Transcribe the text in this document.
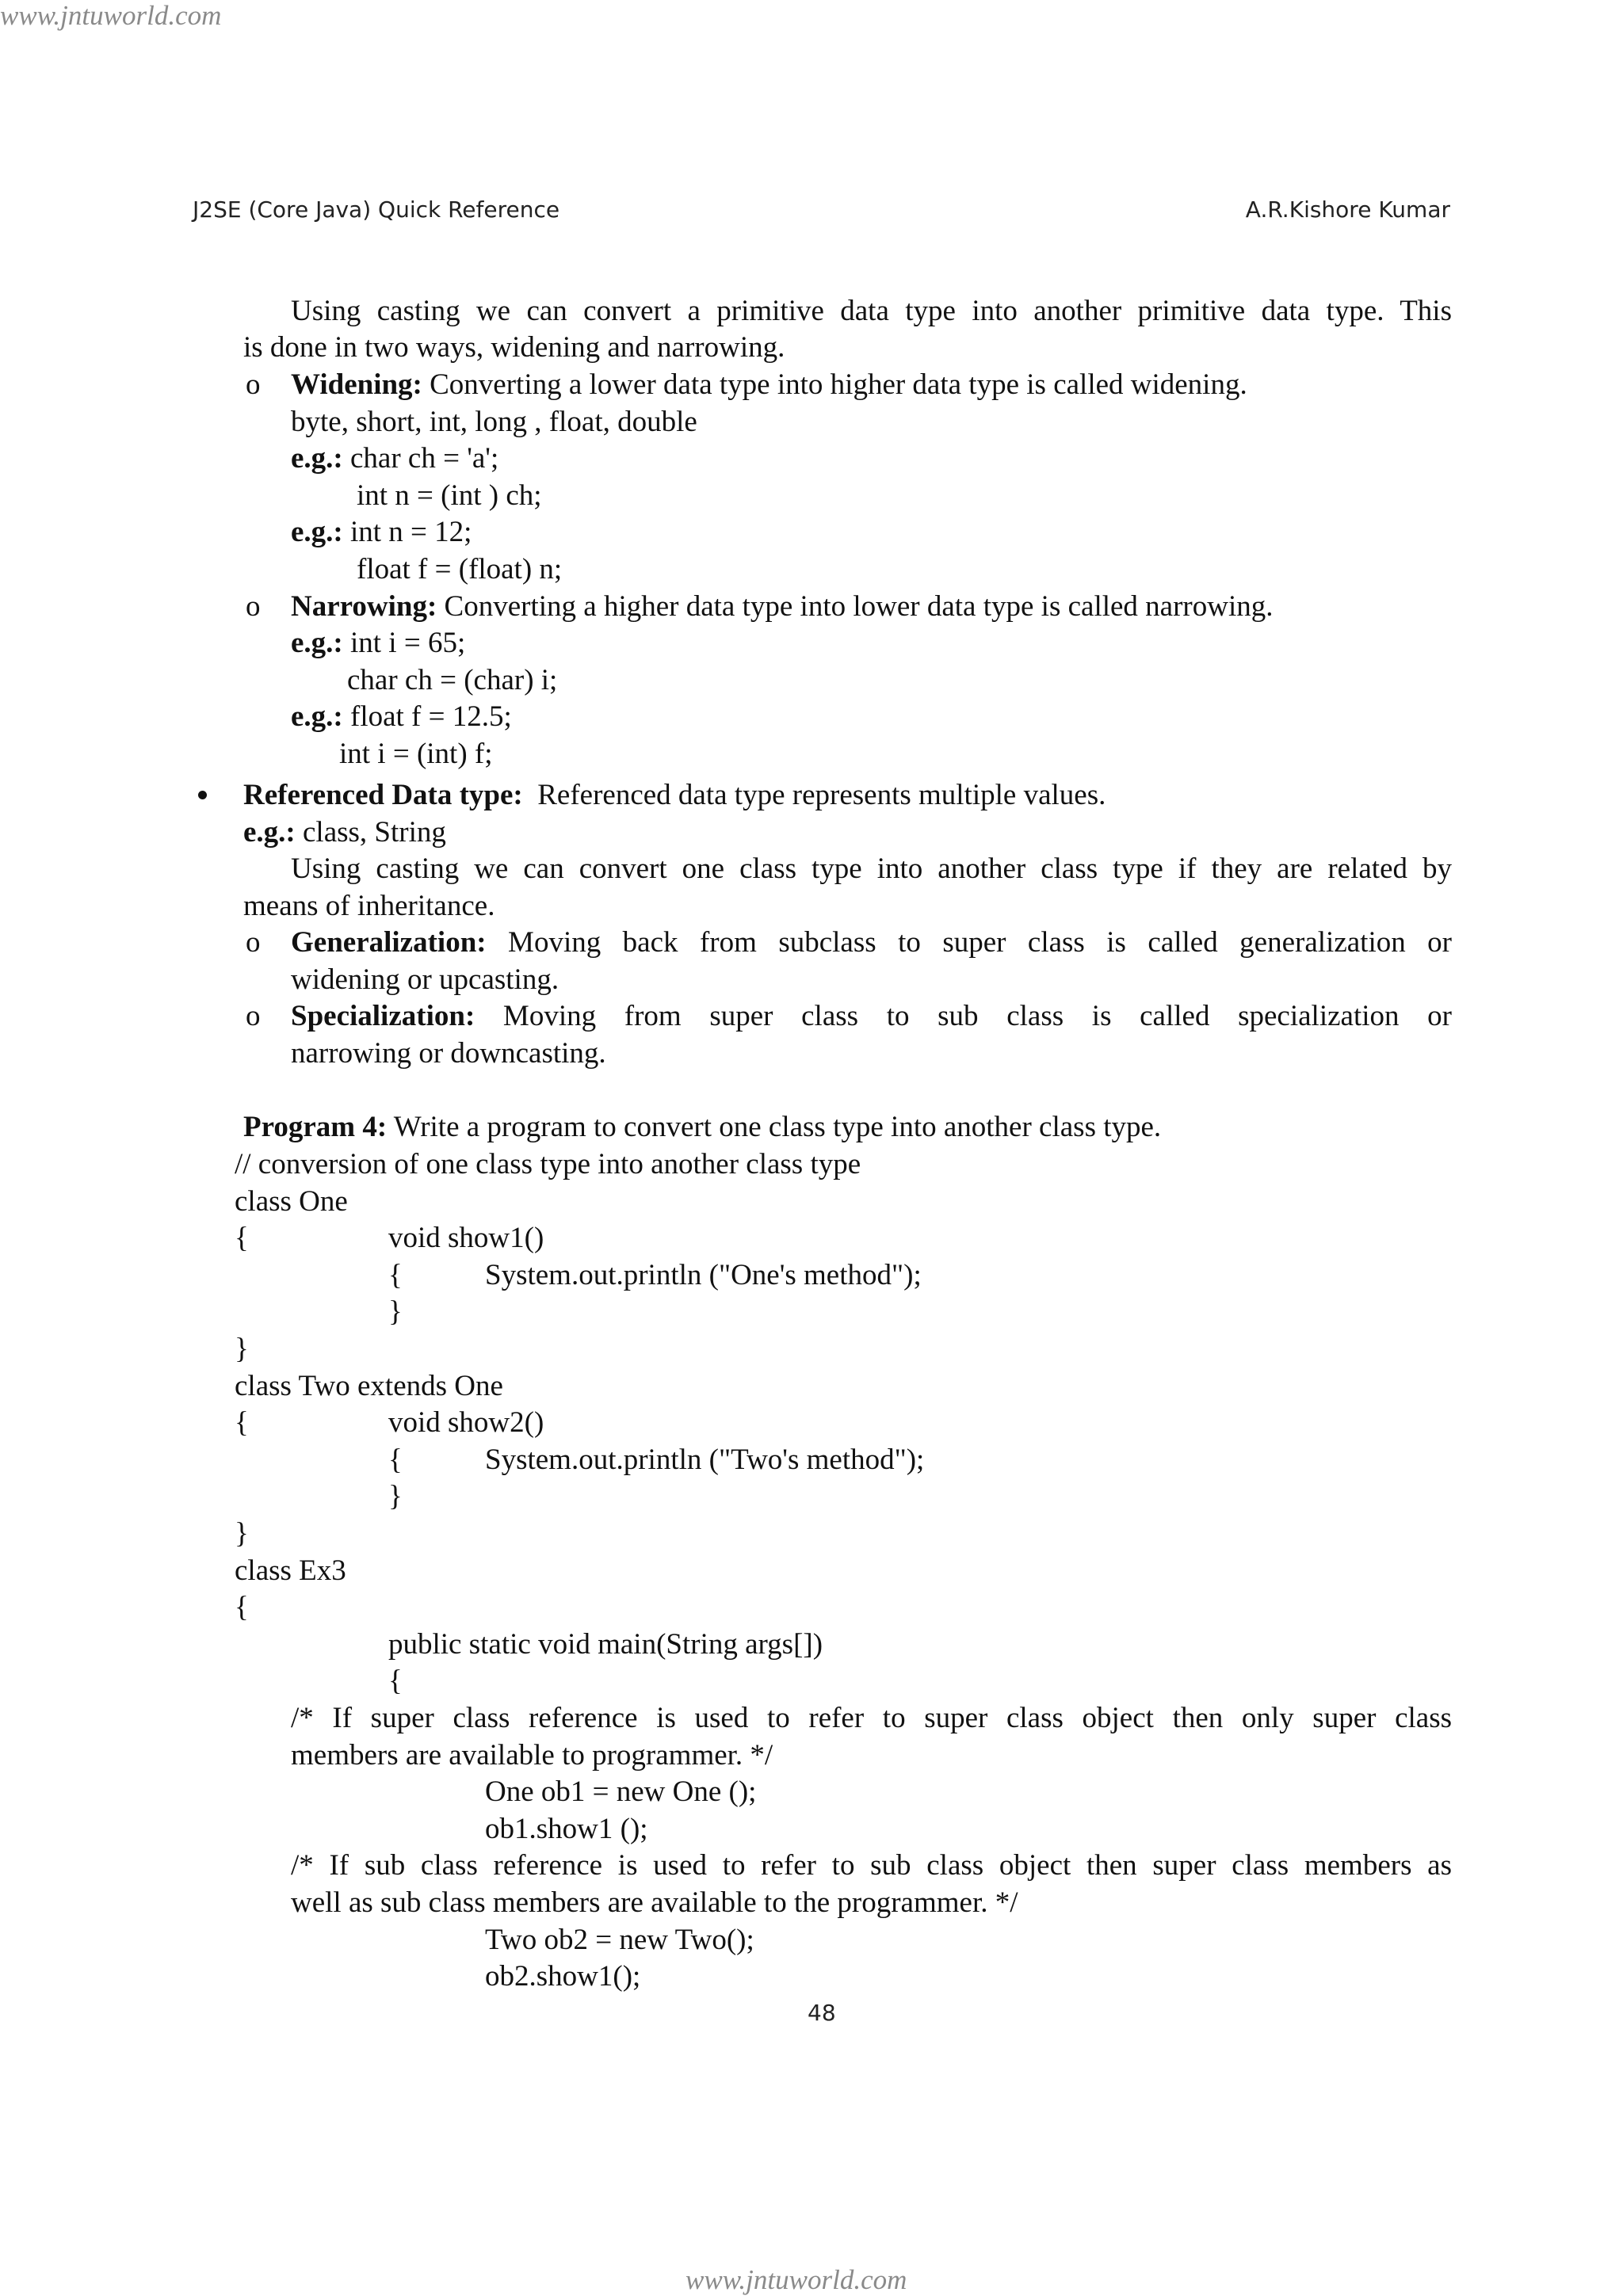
www.jntuworld.com
www.jntuworld.com
J2SE (Core Java) Quick Reference	A.R.Kishore Kumar
Using casting we can convert a primitive data type into another primitive data type. This
is done in two ways, widening and narrowing.
o Widening: Converting a lower data type into higher data type is called widening.
byte, short, int, long , float, double
e.g.: char ch = 'a';
int n = (int ) ch;
e.g.: int n = 12;
float f = (float) n;
o Narrowing: Converting a higher data type into lower data type is called narrowing.
e.g.: int i = 65;
char ch = (char) i;
e.g.: float f = 12.5;
int i = (int) f;
Referenced Data type:  Referenced data type represents multiple values.
e.g.: class, String
Using casting we can convert one class type into another class type if they are related by
means of inheritance.
o Generalization: Moving back from subclass to super class is called generalization or
widening or upcasting.
o Specialization: Moving from super class to sub class is called specialization or
narrowing or downcasting.
Program 4: Write a program to convert one class type into another class type.
// conversion of one class type into another class type
class One
{	void show1()
{	System.out.println ("One's method");
}
}
class Two extends One
{	void show2()
{	System.out.println ("Two's method");
}
}
class Ex3
{
public static void main(String args[])
{
/* If super class reference is used to refer to super class object then only super class
members are available to programmer. */
One ob1 = new One ();
ob1.show1 ();
/* If sub class reference is used to refer to sub class object then super class members as
well as sub class members are available to the programmer. */
Two ob2 = new Two();
ob2.show1();
48
